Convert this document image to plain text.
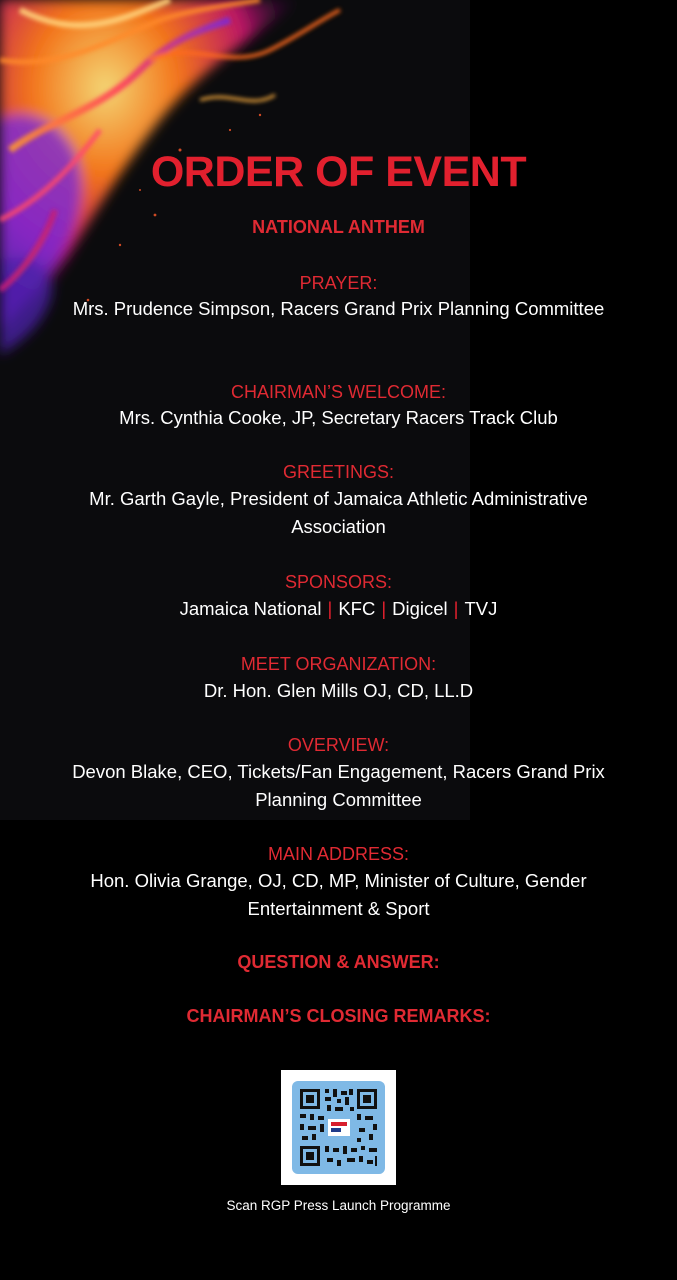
ORDER OF EVENT
NATIONAL ANTHEM
PRAYER:
Mrs. Prudence Simpson, Racers Grand Prix Planning Committee
CHAIRMAN’S WELCOME:
Mrs. Cynthia Cooke, JP, Secretary Racers Track Club
GREETINGS:
Mr. Garth Gayle, President of Jamaica Athletic Administrative Association
SPONSORS:
Jamaica National | KFC | Digicel | TVJ
MEET ORGANIZATION:
Dr. Hon. Glen Mills OJ, CD, LL.D
OVERVIEW:
Devon Blake, CEO, Tickets/Fan Engagement, Racers Grand Prix Planning Committee
MAIN ADDRESS:
Hon. Olivia Grange, OJ, CD, MP, Minister of Culture, Gender Entertainment & Sport
QUESTION & ANSWER:
CHAIRMAN’S CLOSING REMARKS:
Scan RGP Press Launch Programme
